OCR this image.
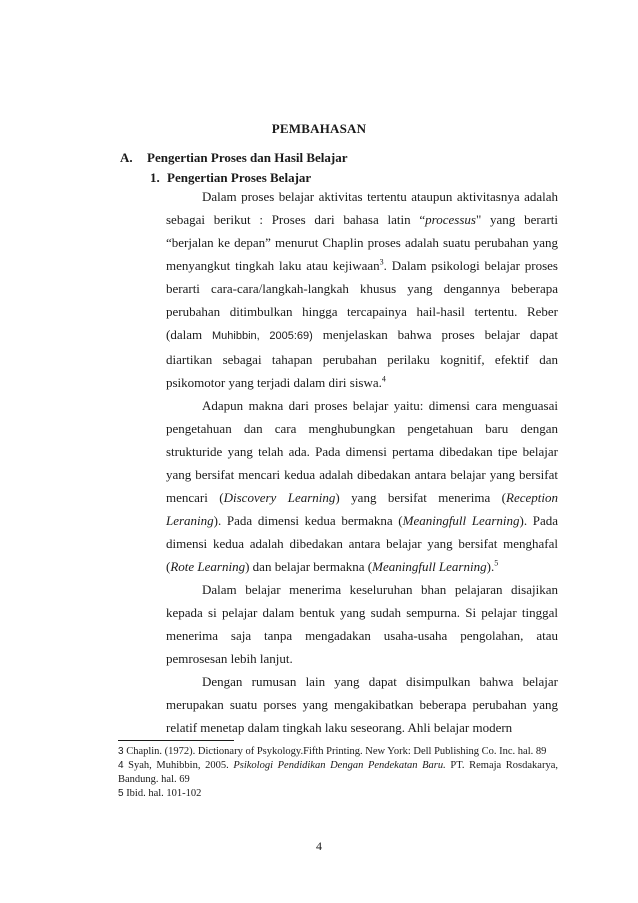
PEMBAHASAN
A. Pengertian Proses dan Hasil Belajar
1. Pengertian Proses Belajar

Dalam proses belajar aktivitas tertentu ataupun aktivitasnya adalah sebagai berikut : Proses dari bahasa latin “processus" yang berarti “berjalan ke depan” menurut Chaplin proses adalah suatu perubahan yang menyangkut tingkah laku atau kejiwaan$^3$. Dalam psikologi belajar proses berarti cara-cara/langkah-langkah khusus yang dengannya beberapa perubahan ditimbulkan hingga tercapainya hail-hasil tertentu. Reber (dalam Muhibbin, 2005:69) menjelaskan bahwa proses belajar dapat diartikan sebagai tahapan perubahan perilaku kognitif, efektif dan psikomotor yang terjadi dalam diri siswa.$^4$

Adapun makna dari proses belajar yaitu: dimensi cara menguasai pengetahuan dan cara menghubungkan pengetahuan baru dengan strukturide yang telah ada. Pada dimensi pertama dibedakan tipe belajar yang bersifat mencari kedua adalah dibedakan antara belajar yang bersifat mencari (Discovery Learning) yang bersifat menerima (Reception Leraning). Pada dimensi kedua bermakna (Meaningfull Learning). Pada dimensi kedua adalah dibedakan antara belajar yang bersifat menghafal (Rote Learning) dan belajar bermakna (Meaningfull Learning).$^5$

Dalam belajar menerima keseluruhan bhan pelajaran disajikan kepada si pelajar dalam bentuk yang sudah sempurna. Si pelajar tinggal menerima saja tanpa mengadakan usaha-usaha pengolahan, atau pemrosesan lebih lanjut.

Dengan rumusan lain yang dapat disimpulkan bahwa belajar merupakan suatu porses yang mengakibatkan beberapa perubahan yang relatif menetap dalam tingkah laku seseorang. Ahli belajar modern

3 Chaplin. (1972). Dictionary of Psykology.Fifth Printing. New York: Dell Publishing Co. Inc. hal. 89

4 Syah, Muhibbin, 2005. Psikologi Pendidikan Dengan Pendekatan Baru. PT. Remaja Rosdakarya, Bandung. hal. 69

5 Ibid. hal. 101-102

4
